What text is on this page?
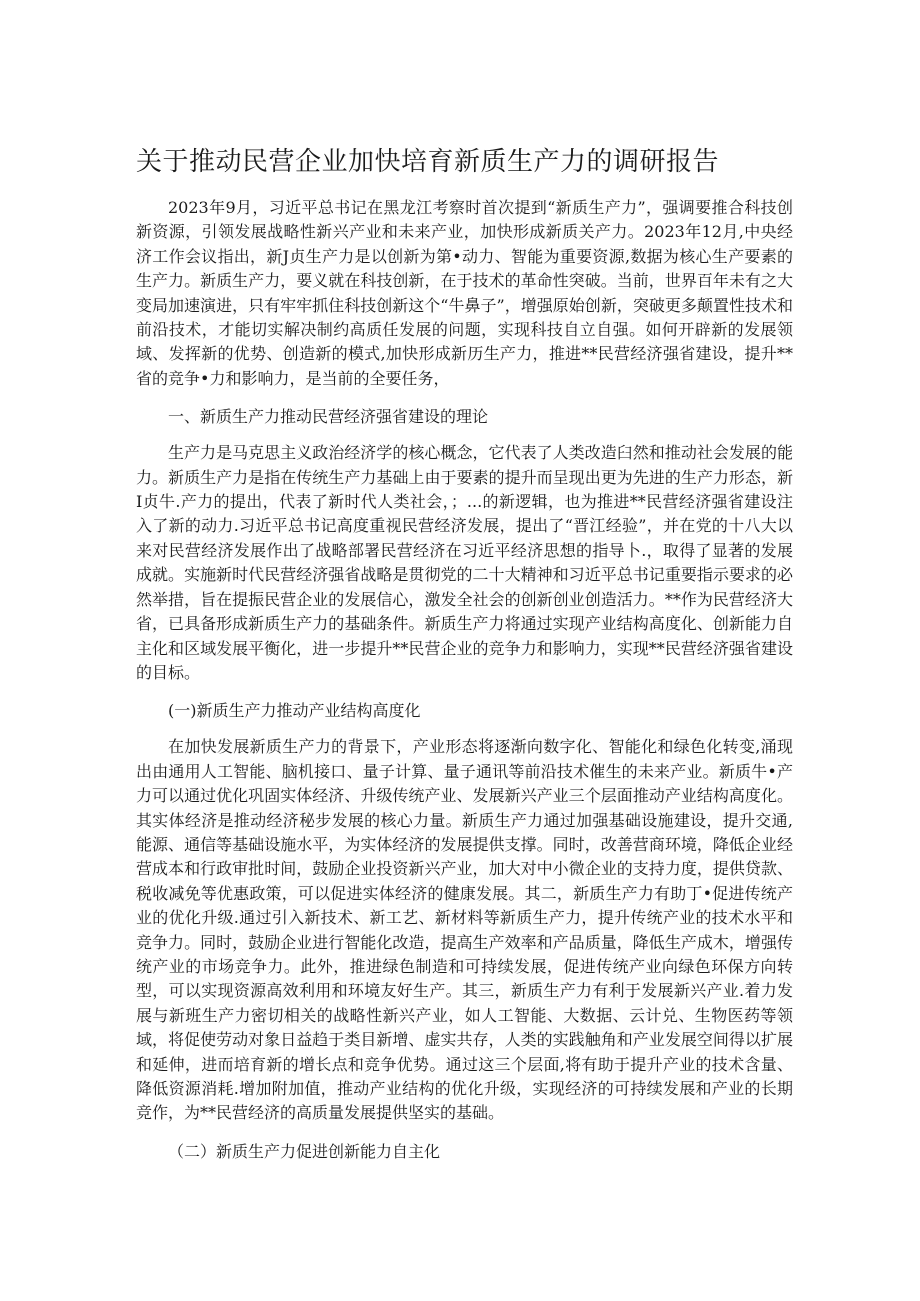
关于推动民营企业加快培育新质生产力的调研报告

2023年9月，习近平总书记在黑龙江考察时首次提到“新质生产力”，强调要推合科技创新资源，引领发展战略性新兴产业和未来产业，加快形成新质关产力。2023年12月,中央经济工作会议指出，新J贞生产力是以创新为第•动力、智能为重要资源,数据为核心生产要素的生产力。新质生产力，要义就在科技创新，在于技术的革命性突破。当前，世界百年未有之大变局加速演进，只有牢牢抓住科技创新这个“牛鼻子”，增强原始创新，突破更多颠置性技术和前沿技术，才能切实解决制约高质任发展的问题，实现科技自立自强。如何开辟新的发展领域、发挥新的优势、创造新的模式,加快形成新历生产力，推进**民营经济强省建设，提升**省的竞争•力和影响力，是当前的全要任务，

一、新质生产力推动民营经济强省建设的理论

生产力是马克思主义政治经济学的核心概念，它代表了人类改造臼然和推动社会发展的能力。新质生产力是指在传统生产力基础上由于要素的提升而呈现出更为先进的生产力形态，新I贞牛.产力的提出，代表了新时代人类社会，；...的新逻辑，也为推进**民营经济强省建设注入了新的动力.习近平总书记高度重视民营经济发展，提出了“晋江经验”，并在党的十八大以来对民营经济发展作出了战略部署民营经济在习近平经济思想的指导卜.，取得了显著的发展成就。实施新时代民营经济强省战略是贯彻党的二十大精神和习近平总书记重要指示要求的必然举措，旨在提振民营企业的发展信心，激发全社会的创新创业创造活力。**作为民营经济大省，已具备形成新质生产力的基础条件。新质生产力将通过实现产业结构高度化、创新能力自主化和区域发展平衡化，进一步提升**民营企业的竞争力和影响力，实现**民营经济强省建设的目标。

(一)新质生产力推动产业结构高度化

在加快发展新质生产力的背景下，产业形态将逐渐向数字化、智能化和绿色化转变,涌现出由通用人工智能、脑机接口、量子计算、量子通讯等前沿技术催生的未来产业。新质牛•产力可以通过优化巩固实体经济、升级传统产业、发展新兴产业三个层面推动产业结构高度化。其实体经济是推动经济秘步发展的核心力量。新质生产力通过加强基础设施建设，提升交通,能源、通信等基础设施水平，为实体经济的发展提供支撑。同时，改善营商环境，降低企业经营成本和行政审批时间，鼓励企业投资新兴产业，加大对中小微企业的支持力度，提供贷款、税收减免等优惠政策，可以促进实体经济的健康发展。其二，新质生产力有助丁•促进传统产业的优化升级.通过引入新技术、新工艺、新材料等新质生产力，提升传统产业的技术水平和竞争力。同时，鼓励企业进行智能化改造，提高生产效率和产品质量，降低生产成木，增强传统产业的市场竞争力。此外，推进绿色制造和可持续发展，促进传统产业向绿色环保方向转型，可以实现资源高效利用和环境友好生产。其三，新质生产力有利于发展新兴产业.着力发展与新班生产力密切相关的战略性新兴产业，如人工智能、大数据、云计兑、生物医药等领域，将促使劳动对象日益趋于类目新增、虚实共存，人类的实践触角和产业发展空间得以扩展和延伸，进而培育新的增长点和竞争优势。通过这三个层面,将有助于提升产业的技术含量、降低资源消耗.增加附加值，推动产业结构的优化升级，实现经济的可持续发展和产业的长期竞作，为**民营经济的高质量发展提供坚实的基础。

（二）新质生产力促进创新能力自主化
